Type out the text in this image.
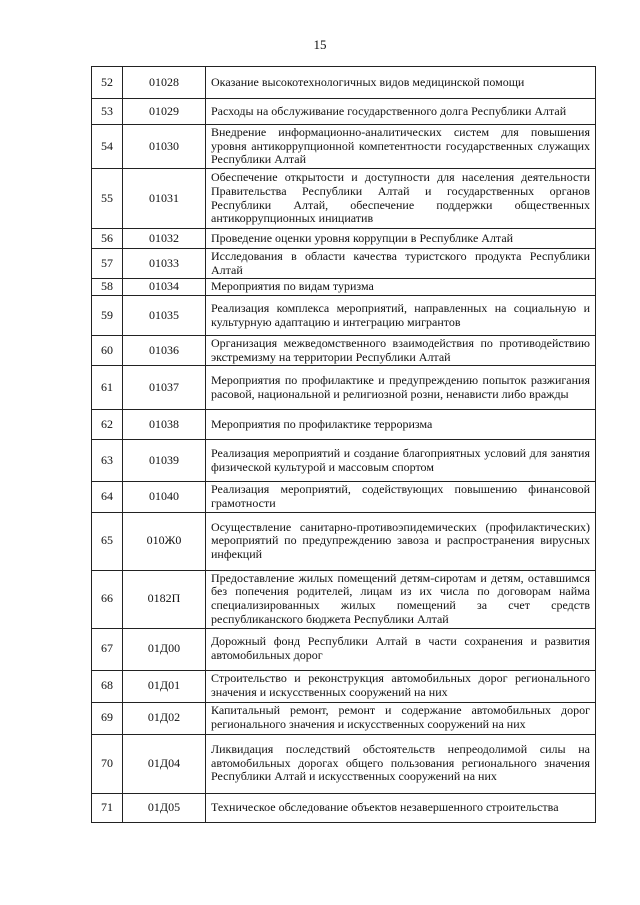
15
52	01028	Оказание высокотехнологичных видов медицинской помощи
53	01029	Расходы на обслуживание государственного долга Республики Алтай
54	01030	Внедрение информационно-аналитических систем для повышения уровня антикоррупционной компетентности государственных служащих Республики Алтай
55	01031	Обеспечение открытости и доступности для населения деятельности Правительства Республики Алтай и государственных органов Республики Алтай, обеспечение поддержки общественных антикоррупционных инициатив
56	01032	Проведение оценки уровня коррупции в Республике Алтай
57	01033	Исследования в области качества туристского продукта Республики Алтай
58	01034	Мероприятия по видам туризма
59	01035	Реализация комплекса мероприятий, направленных на социальную и культурную адаптацию и интеграцию мигрантов
60	01036	Организация межведомственного взаимодействия по противодействию экстремизму на территории Республики Алтай
61	01037	Мероприятия по профилактике и предупреждению попыток разжигания расовой, национальной и религиозной розни, ненависти либо вражды
62	01038	Мероприятия по профилактике терроризма
63	01039	Реализация мероприятий и создание благоприятных условий для занятия физической культурой и массовым спортом
64	01040	Реализация мероприятий, содействующих повышению финансовой грамотности
65	010Ж0	Осуществление санитарно-противоэпидемических (профилактических) мероприятий по предупреждению завоза и распространения вирусных инфекций
66	0182П	Предоставление жилых помещений детям-сиротам и детям, оставшимся без попечения родителей, лицам из их числа по договорам найма специализированных жилых помещений за счет средств республиканского бюджета Республики Алтай
67	01Д00	Дорожный фонд Республики Алтай в части сохранения и развития автомобильных дорог
68	01Д01	Строительство и реконструкция автомобильных дорог регионального значения и искусственных сооружений на них
69	01Д02	Капитальный ремонт, ремонт и содержание автомобильных дорог регионального значения и искусственных сооружений на них
70	01Д04	Ликвидация последствий обстоятельств непреодолимой силы на автомобильных дорогах общего пользования регионального значения Республики Алтай и искусственных сооружений на них
71	01Д05	Техническое обследование объектов незавершенного строительства
